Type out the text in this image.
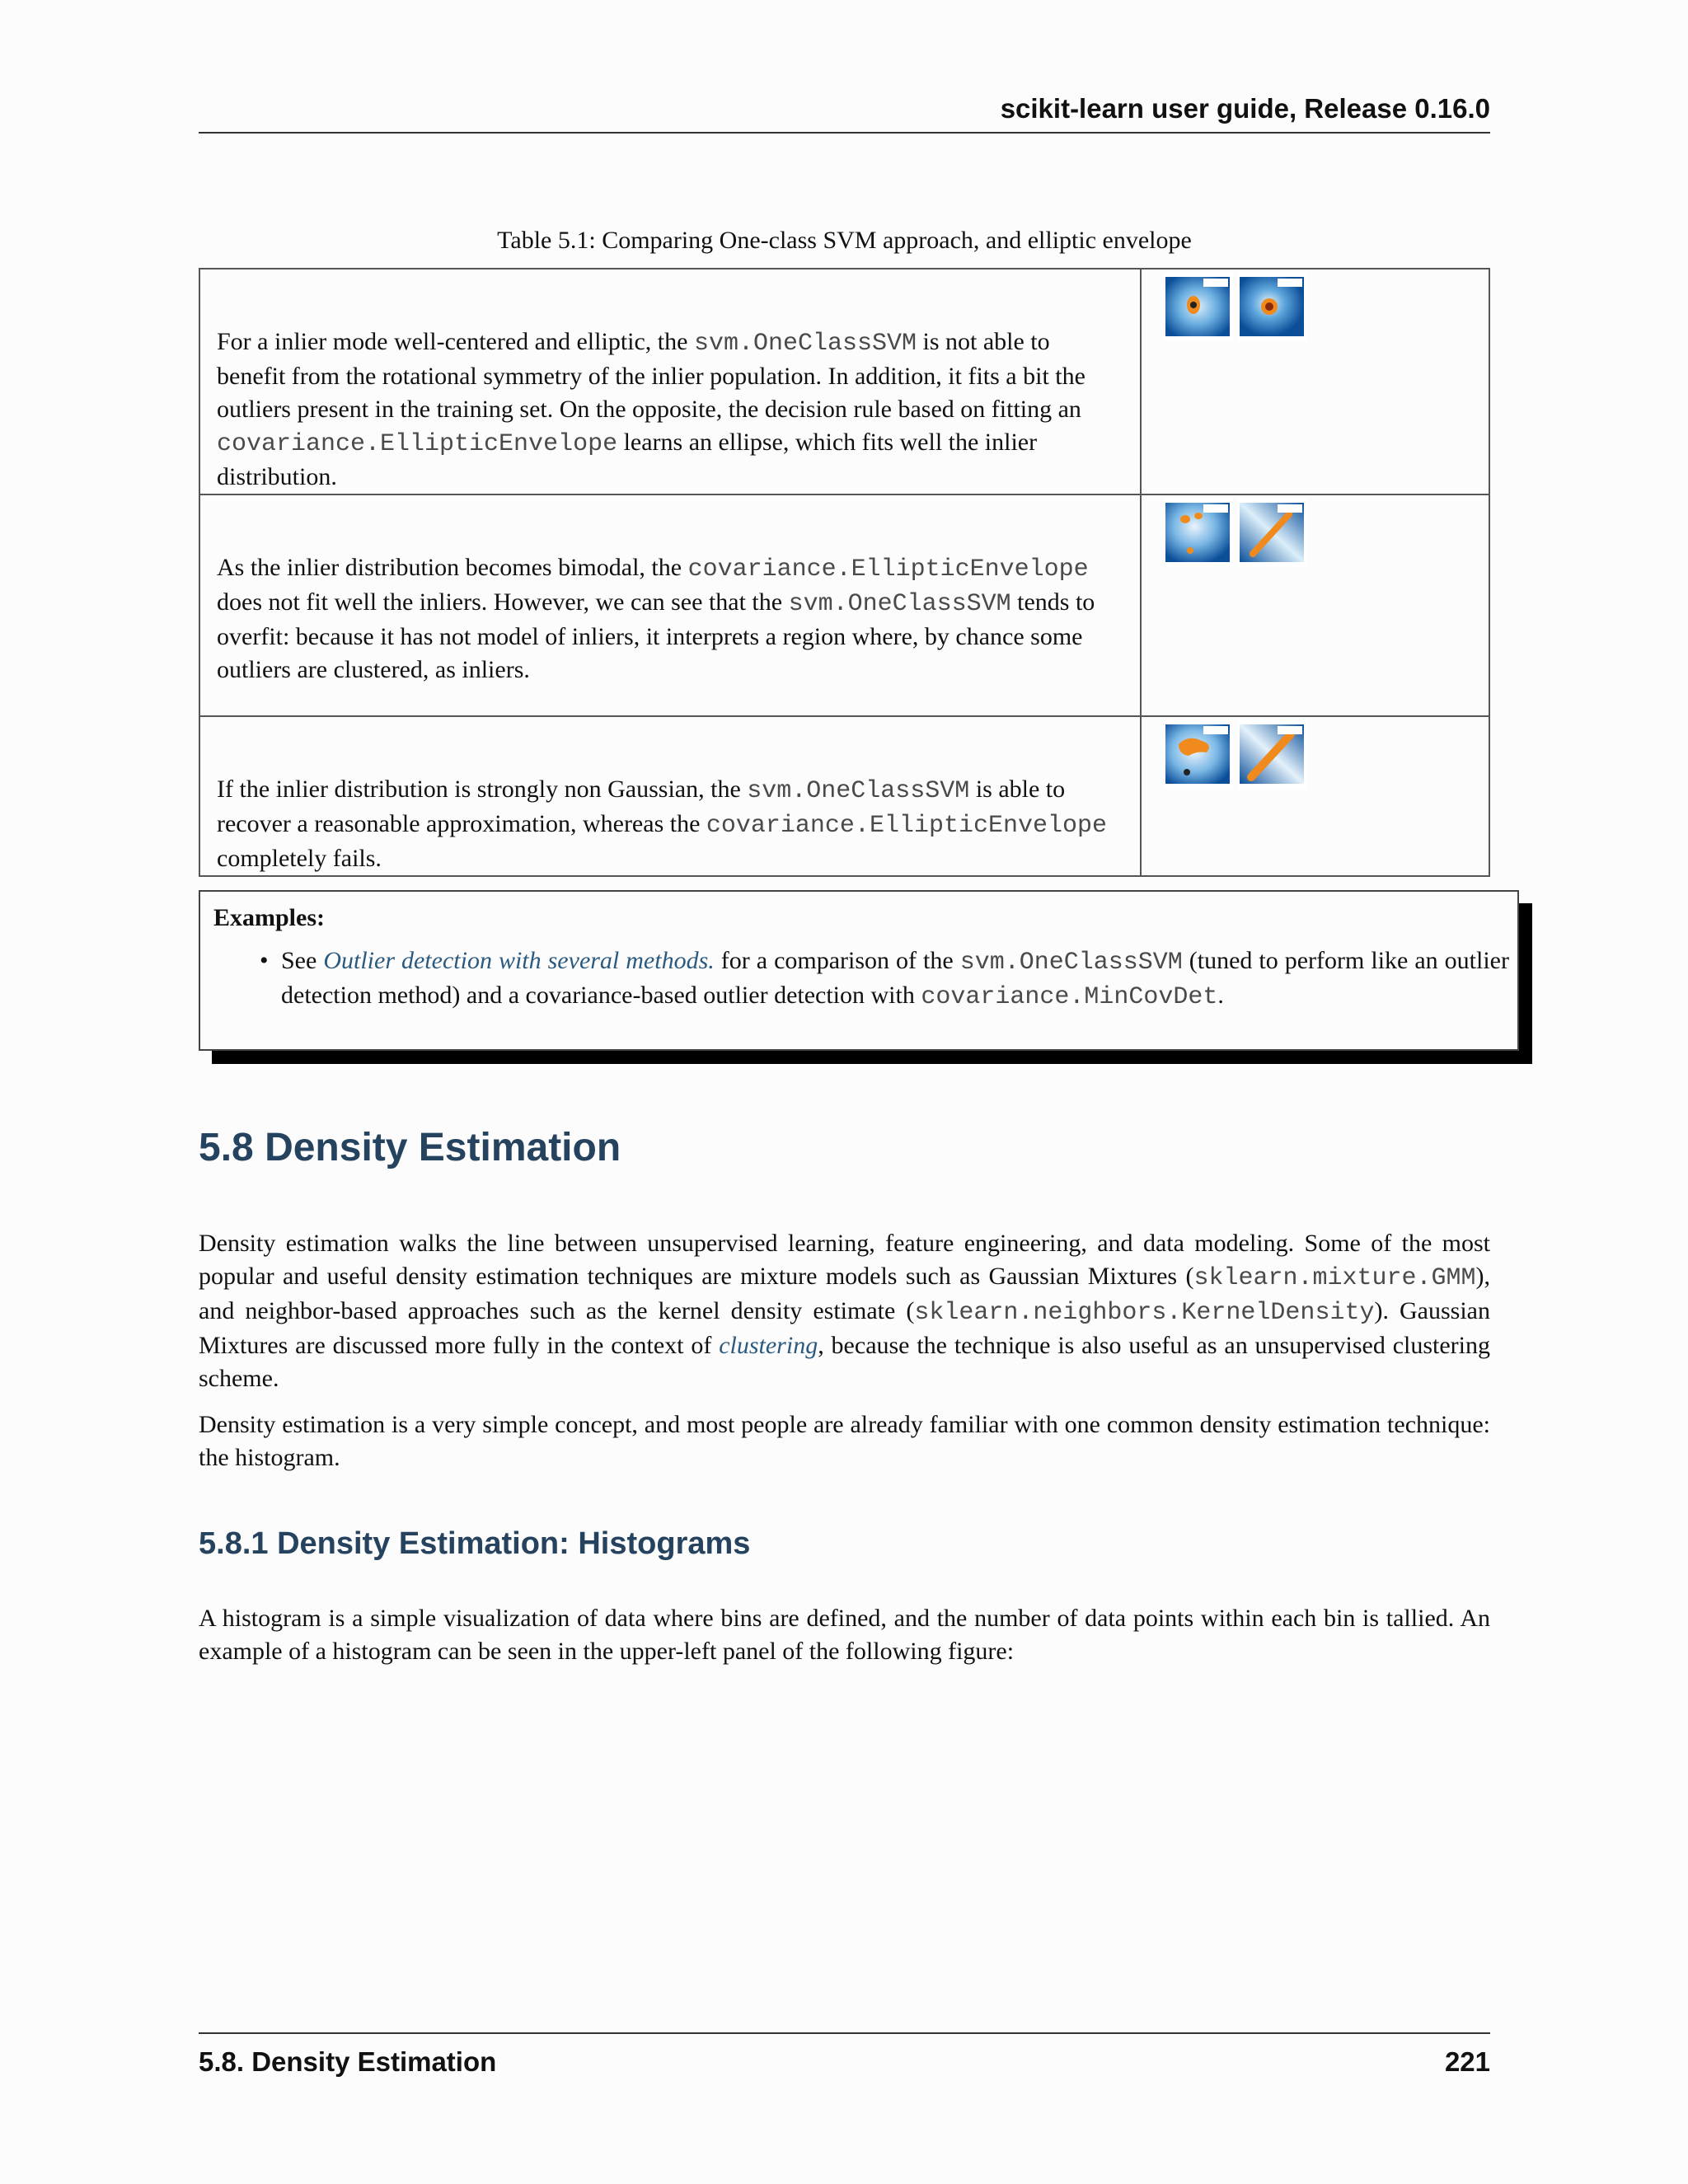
scikit-learn user guide, Release 0.16.0
Table 5.1: Comparing One-class SVM approach, and elliptic envelope
For a inlier mode well-centered and elliptic, the svm.OneClassSVM is not able to benefit from the rotational symmetry of the inlier population. In addition, it fits a bit the outliers present in the training set. On the opposite, the decision rule based on fitting an covariance.EllipticEnvelope learns an ellipse, which fits well the inlier distribution.

As the inlier distribution becomes bimodal, the covariance.EllipticEnvelope does not fit well the inliers. However, we can see that the svm.OneClassSVM tends to overfit: because it has not model of inliers, it interprets a region where, by chance some outliers are clustered, as inliers.

If the inlier distribution is strongly non Gaussian, the svm.OneClassSVM is able to recover a reasonable approximation, whereas the covariance.EllipticEnvelope completely fails.

Examples:
• See Outlier detection with several methods. for a comparison of the svm.OneClassSVM (tuned to perform like an outlier detection method) and a covariance-based outlier detection with covariance.MinCovDet.
5.8 Density Estimation
Density estimation walks the line between unsupervised learning, feature engineering, and data modeling. Some of the most popular and useful density estimation techniques are mixture models such as Gaussian Mixtures (sklearn.mixture.GMM), and neighbor-based approaches such as the kernel density estimate (sklearn.neighbors.KernelDensity). Gaussian Mixtures are discussed more fully in the context of clustering, because the technique is also useful as an unsupervised clustering scheme.
Density estimation is a very simple concept, and most people are already familiar with one common density estimation technique: the histogram.
5.8.1 Density Estimation: Histograms
A histogram is a simple visualization of data where bins are defined, and the number of data points within each bin is tallied. An example of a histogram can be seen in the upper-left panel of the following figure:
5.8. Density Estimation	221
